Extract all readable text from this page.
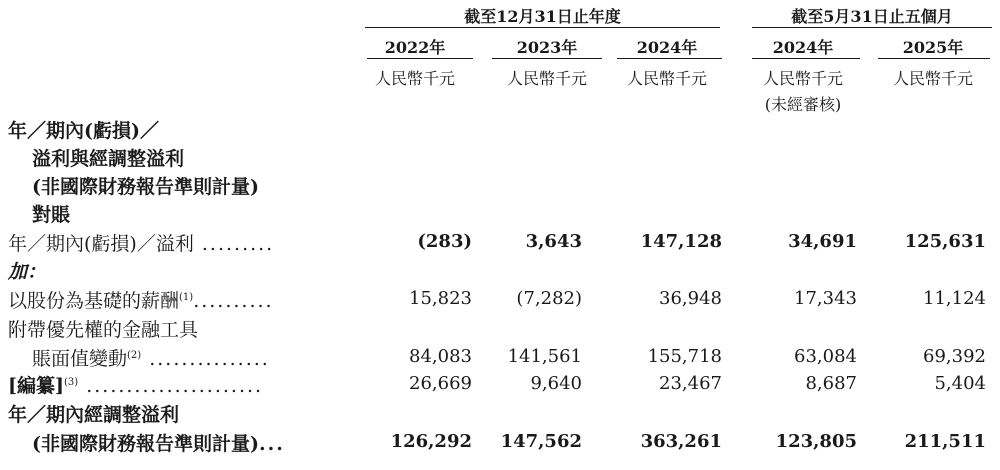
截至12月31日止年度	截至5月31日止五個月
2022年	2023年	2024年	2024年	2025年
人民幣千元	人民幣千元	人民幣千元	人民幣千元	人民幣千元
(未經審核)
年／期內(虧損)／
溢利與經調整溢利
(非國際財務報告準則計量)
對賬
年／期內(虧損)／溢利 .........	(283)	3,643	147,128	34,691	125,631
加：
以股份為基礎的薪酬$^{(1)}$..........	15,823	(7,282)	36,948	17,343	11,124
附帶優先權的金融工具
賬面值變動$^{(2)}$ ...............	84,083	141,561	155,718	63,084	69,392
[編纂]$^{(3)}$ ......................	26,669	9,640	23,467	8,687	5,404
年／期內經調整溢利
(非國際財務報告準則計量)...	126,292	147,562	363,261	123,805	211,511
